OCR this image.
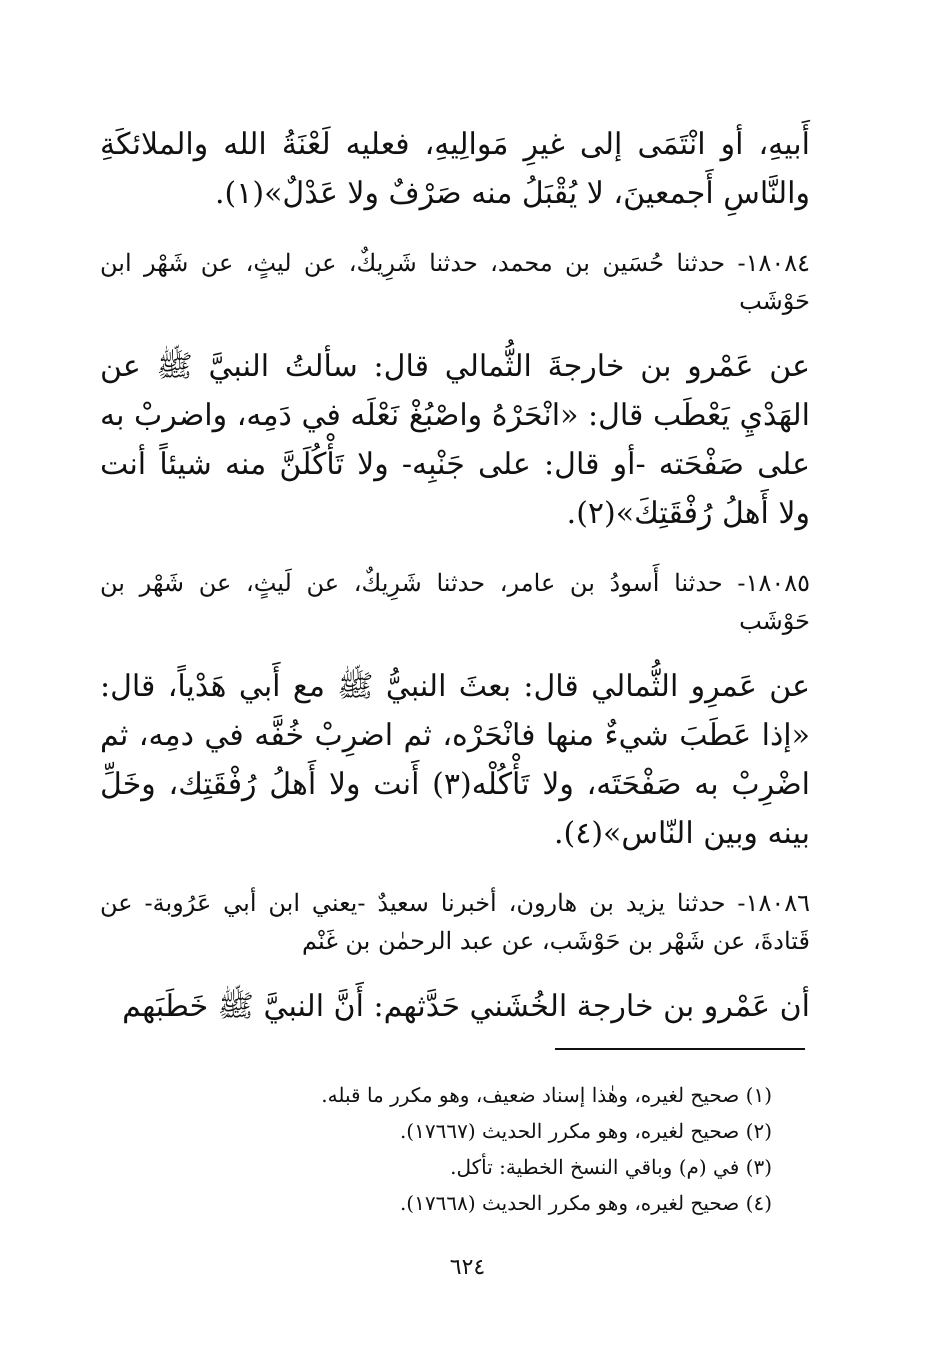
أَبيهِ، أو انْتَمَى إلى غيرِ مَوالِيهِ، فعليه لَعْنَةُ الله والملائكَةِ والنَّاسِ أَجمعينَ، لا يُقْبَلُ منه صَرْفٌ ولا عَدْلٌ»(١).

١٨٠٨٤- حدثنا حُسَين بن محمد، حدثنا شَرِيكٌ، عن ليثٍ، عن شَهْر ابن حَوْشَب

عن عَمْرو بن خارجةَ الثُّمالي قال: سألتُ النبيَّ ﷺ عن الهَدْيِ يَعْطَب قال: «انْحَرْهُ واصْبُغْ نَعْلَه في دَمِه، واضربْ به على صَفْحَته -أو قال: على جَنْبِه- ولا تَأْكُلَنَّ منه شيئاً أنت ولا أَهلُ رُفْقَتِكَ»(٢).

١٨٠٨٥- حدثنا أَسودُ بن عامر، حدثنا شَرِيكٌ، عن لَيثٍ، عن شَهْر بن حَوْشَب

عن عَمرِو الثُّمالي قال: بعثَ النبيُّ ﷺ مع أَبي هَدْياً، قال: «إذا عَطَبَ شيءٌ منها فانْحَرْه، ثم اضرِبْ خُفَّه في دمِه، ثم اضْرِبْ به صَفْحَتَه، ولا تَأْكُلْه(٣) أَنت ولا أَهلُ رُفْقَتِك، وخَلِّ بينه وبين النّاس»(٤).

١٨٠٨٦- حدثنا يزيد بن هارون، أخبرنا سعيدٌ -يعني ابن أبي عَرُوبة- عن قَتادةَ، عن شَهْر بن حَوْشَب، عن عبد الرحمٰن بن غَنْم

أن عَمْرو بن خارجة الخُشَني حَدَّثهم: أَنَّ النبيَّ ﷺ خَطَبَهم

(١) صحيح لغيره، وهٰذا إسناد ضعيف، وهو مكرر ما قبله.

(٢) صحيح لغيره، وهو مكرر الحديث (١٧٦٦٧).

(٣) في (م) وباقي النسخ الخطية: تأكل.

(٤) صحيح لغيره، وهو مكرر الحديث (١٧٦٦٨).

٦٢٤
